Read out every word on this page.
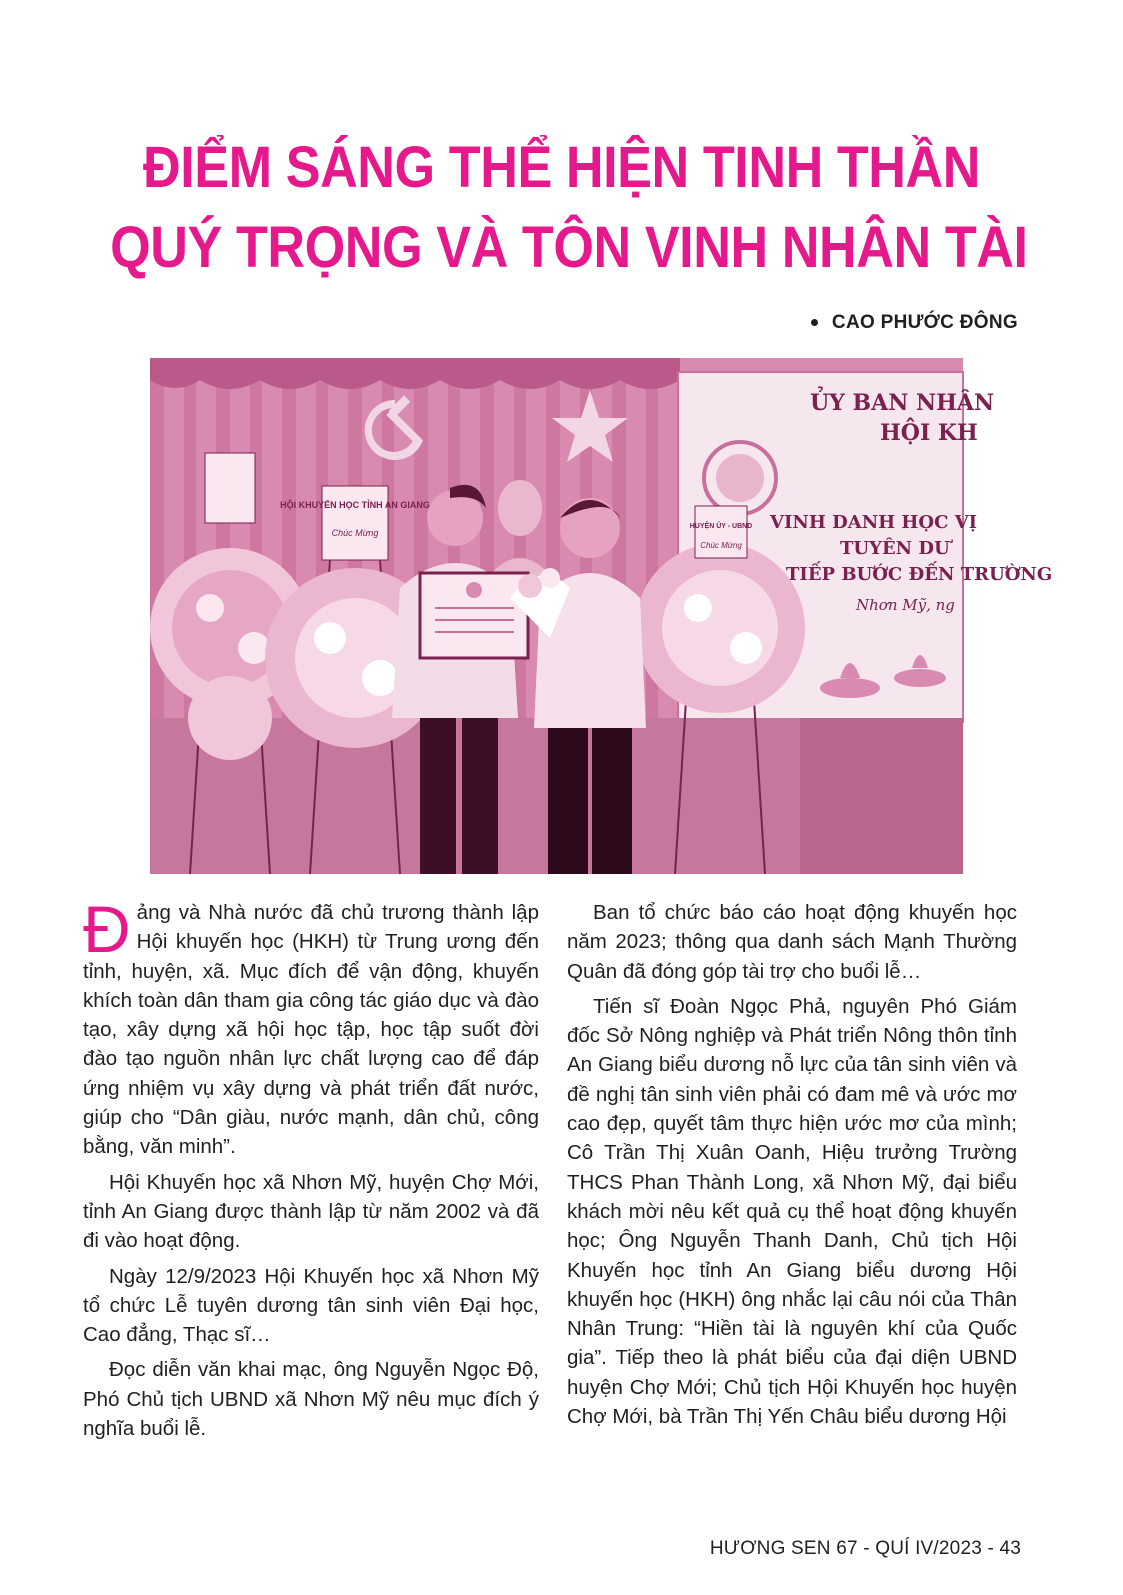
ĐIỂM SÁNG THỂ HIỆN TINH THẦN
QUÝ TRỌNG VÀ TÔN VINH NHÂN TÀI
CAO PHƯỚC ĐÔNG
ỦY BAN NHÂN
HỘI KH
VINH DANH HỌC VỊ
TUYÊN DƯ
TIẾP BƯỚC ĐẾN TRƯỜNG
Nhơn Mỹ, ng
HỘI KHUYẾN HỌC TỈNH AN GIANG
Chúc Mừng
HUYỆN ỦY - UBND
Chúc Mừng

Đảng và Nhà nước đã chủ trương thành lập Hội khuyến học (HKH) từ Trung ương đến tỉnh, huyện, xã. Mục đích để vận động, khuyến khích toàn dân tham gia công tác giáo dục và đào tạo, xây dựng xã hội học tập, học tập suốt đời đào tạo nguồn nhân lực chất lượng cao để đáp ứng nhiệm vụ xây dựng và phát triển đất nước, giúp cho “Dân giàu, nước mạnh, dân chủ, công bằng, văn minh”.

Hội Khuyến học xã Nhơn Mỹ, huyện Chợ Mới, tỉnh An Giang được thành lập từ năm 2002 và đã đi vào hoạt động.

Ngày 12/9/2023 Hội Khuyến học xã Nhơn Mỹ tổ chức Lễ tuyên dương tân sinh viên Đại học, Cao đẳng, Thạc sĩ…

Đọc diễn văn khai mạc, ông Nguyễn Ngọc Độ, Phó Chủ tịch UBND xã Nhơn Mỹ nêu mục đích ý nghĩa buổi lễ.

Ban tổ chức báo cáo hoạt động khuyến học năm 2023; thông qua danh sách Mạnh Thường Quân đã đóng góp tài trợ cho buổi lễ…

Tiến sĩ Đoàn Ngọc Phả, nguyên Phó Giám đốc Sở Nông nghiệp và Phát triển Nông thôn tỉnh An Giang biểu dương nỗ lực của tân sinh viên và đề nghị tân sinh viên phải có đam mê và ước mơ cao đẹp, quyết tâm thực hiện ước mơ của mình; Cô Trần Thị Xuân Oanh, Hiệu trưởng Trường THCS Phan Thành Long, xã Nhơn Mỹ, đại biểu khách mời nêu kết quả cụ thể hoạt động khuyến học; Ông Nguyễn Thanh Danh, Chủ tịch Hội Khuyến học tỉnh An Giang biểu dương Hội khuyến học (HKH) ông nhắc lại câu nói của Thân Nhân Trung: “Hiền tài là nguyên khí của Quốc gia”. Tiếp theo là phát biểu của đại diện UBND huyện Chợ Mới; Chủ tịch Hội Khuyến học huyện Chợ Mới, bà Trần Thị Yến Châu biểu dương Hội

HƯƠNG SEN 67 - QUÍ IV/2023 - 43
